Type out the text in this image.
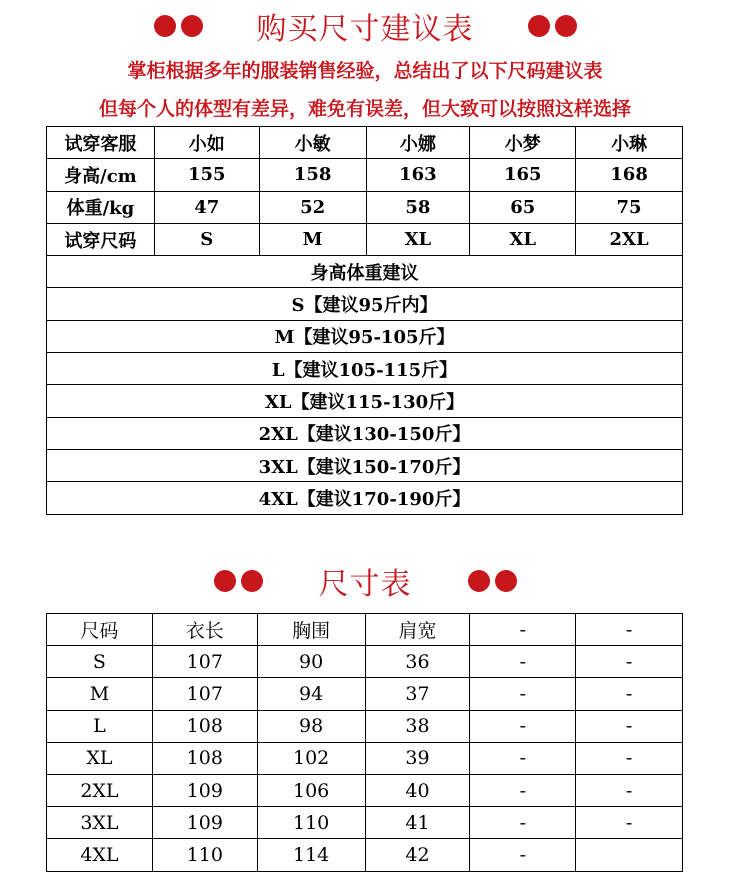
购买尺寸建议表
掌柜根据多年的服装销售经验，总结出了以下尺码建议表
但每个人的体型有差异，难免有误差，但大致可以按照这样选择
试穿客服	小如	小敏	小娜	小梦	小琳
身高/cm	155	158	163	165	168
体重/kg	47	52	58	65	75
试穿尺码	S	M	XL	XL	2XL
身高体重建议					
S【建议95斤内】					
M【建议95-105斤】					
L【建议105-115斤】					
XL【建议115-130斤】					
2XL【建议130-150斤】					
3XL【建议150-170斤】					
4XL【建议170-190斤】					
尺寸表
尺码	衣长	胸围	肩宽	-	-
S	107	90	36	-	-
M	107	94	37	-	-
L	108	98	38	-	-
XL	108	102	39	-	-
2XL	109	106	40	-	-
3XL	109	110	41	-	-
4XL	110	114	42	-	
